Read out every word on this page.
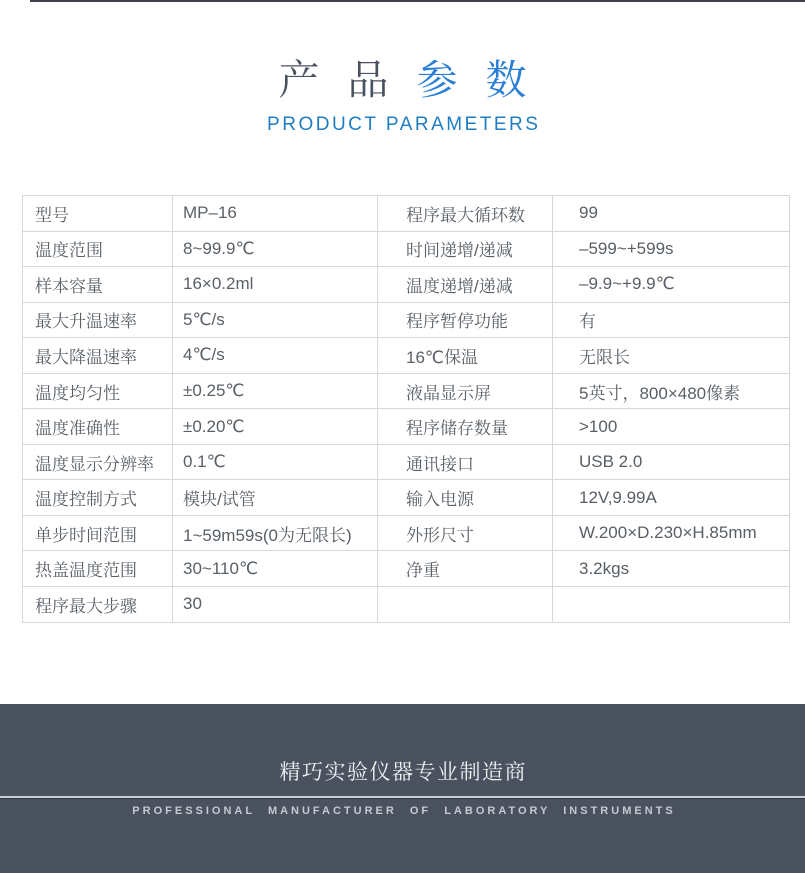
产品参数
PRODUCT PARAMETERS
型号	MP–16	程序最大循环数	99
温度范围	8~99.9℃	时间递增/递减	–599~+599s
样本容量	16×0.2ml	温度递增/递减	–9.9~+9.9℃
最大升温速率	5℃/s	程序暂停功能	有
最大降温速率	4℃/s	16℃保温	无限长
温度均匀性	±0.25℃	液晶显示屏	5英寸，800×480像素
温度准确性	±0.20℃	程序储存数量	>100
温度显示分辨率	0.1℃	通讯接口	USB 2.0
温度控制方式	模块/试管	输入电源	12V,9.99A
单步时间范围	1~59m59s(0为无限长)	外形尺寸	W.200×D.230×H.85mm
热盖温度范围	30~110℃	净重	3.2kgs
程序最大步骤	30
精巧实验仪器专业制造商
PROFESSIONAL MANUFACTURER OF LABORATORY INSTRUMENTS
